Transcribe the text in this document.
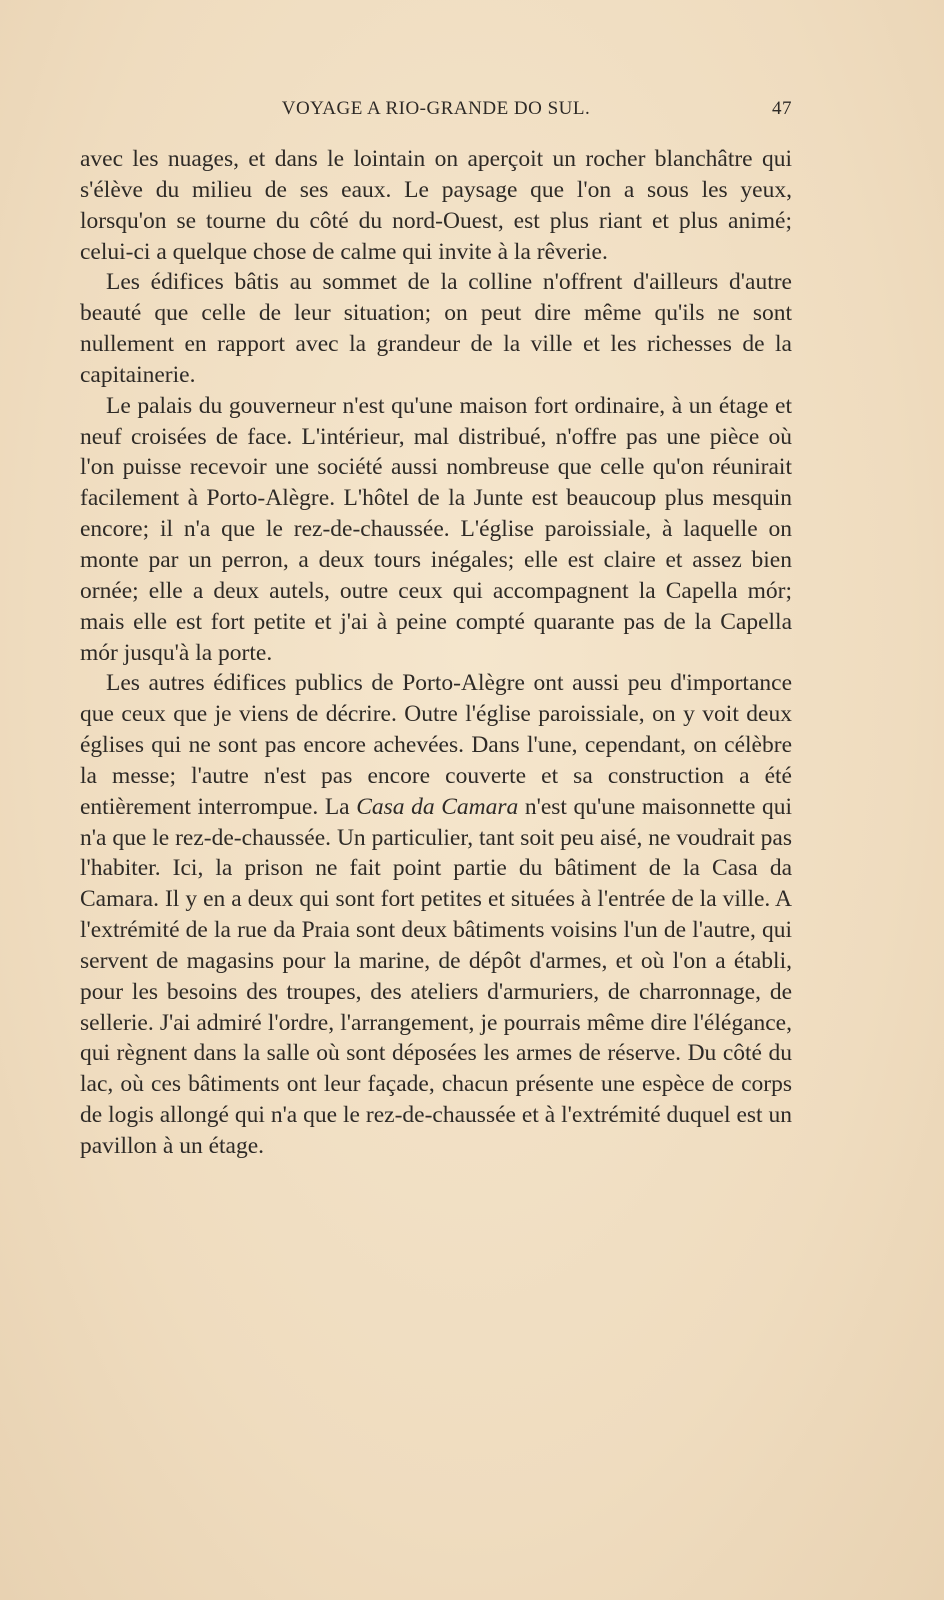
VOYAGE A RIO-GRANDE DO SUL.	47

avec les nuages, et dans le lointain on aperçoit un rocher blanchâtre qui s'élève du milieu de ses eaux. Le paysage que l'on a sous les yeux, lorsqu'on se tourne du côté du nord-Ouest, est plus riant et plus animé; celui-ci a quelque chose de calme qui invite à la rêverie.

Les édifices bâtis au sommet de la colline n'offrent d'ailleurs d'autre beauté que celle de leur situation; on peut dire même qu'ils ne sont nullement en rapport avec la grandeur de la ville et les richesses de la capitainerie.

Le palais du gouverneur n'est qu'une maison fort ordinaire, à un étage et neuf croisées de face. L'intérieur, mal distribué, n'offre pas une pièce où l'on puisse recevoir une société aussi nombreuse que celle qu'on réunirait facilement à Porto-Alègre. L'hôtel de la Junte est beaucoup plus mesquin encore; il n'a que le rez-de-chaussée. L'église paroissiale, à laquelle on monte par un perron, a deux tours inégales; elle est claire et assez bien ornée; elle a deux autels, outre ceux qui accompagnent la Capella mór; mais elle est fort petite et j'ai à peine compté quarante pas de la Capella mór jusqu'à la porte.

Les autres édifices publics de Porto-Alègre ont aussi peu d'importance que ceux que je viens de décrire. Outre l'église paroissiale, on y voit deux églises qui ne sont pas encore achevées. Dans l'une, cependant, on célèbre la messe; l'autre n'est pas encore couverte et sa construction a été entièrement interrompue. La Casa da Camara n'est qu'une maisonnette qui n'a que le rez-de-chaussée. Un particulier, tant soit peu aisé, ne voudrait pas l'habiter. Ici, la prison ne fait point partie du bâtiment de la Casa da Camara. Il y en a deux qui sont fort petites et situées à l'entrée de la ville. A l'extrémité de la rue da Praia sont deux bâtiments voisins l'un de l'autre, qui servent de magasins pour la marine, de dépôt d'armes, et où l'on a établi, pour les besoins des troupes, des ateliers d'armuriers, de charronnage, de sellerie. J'ai admiré l'ordre, l'arrangement, je pourrais même dire l'élégance, qui règnent dans la salle où sont déposées les armes de réserve. Du côté du lac, où ces bâtiments ont leur façade, chacun présente une espèce de corps de logis allongé qui n'a que le rez-de-chaussée et à l'extrémité duquel est un pavillon à un étage.
